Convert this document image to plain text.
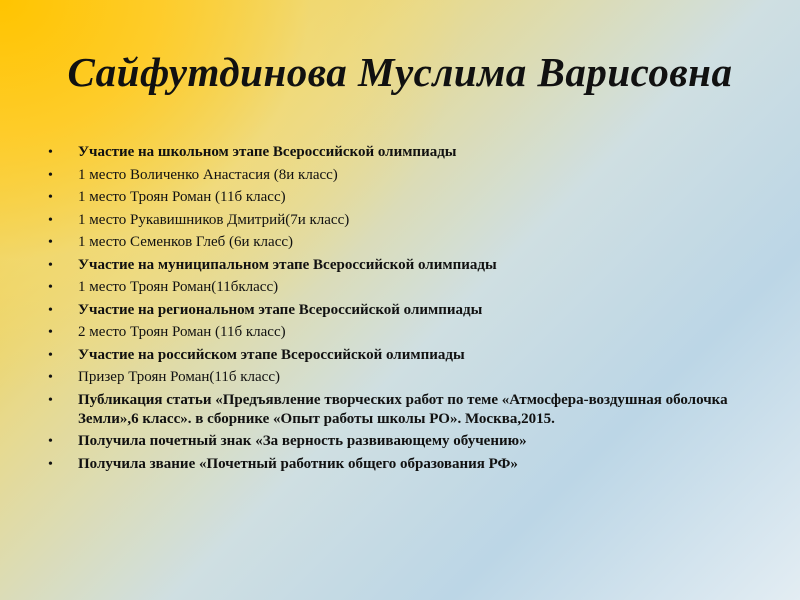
Сайфутдинова Муслима Варисовна
• Участие на школьном этапе Всероссийской олимпиады
• 1 место Воличенко Анастасия (8и класс)
• 1 место Троян Роман (11б класс)
• 1 место Рукавишников Дмитрий(7и класс)
• 1 место Семенков Глеб (6и класс)
• Участие на муниципальном этапе Всероссийской олимпиады
• 1 место Троян Роман(11бкласс)
• Участие на региональном этапе Всероссийской олимпиады
• 2 место Троян Роман (11б класс)
• Участие на российском этапе Всероссийской олимпиады
• Призер Троян Роман(11б класс)
• Публикация статьи «Предъявление творческих работ по теме «Атмосфера-воздушная оболочка Земли»,6 класс». в сборнике «Опыт работы школы РО». Москва,2015.
• Получила почетный знак «За верность развивающему обучению»
• Получила звание «Почетный работник общего образования РФ»
